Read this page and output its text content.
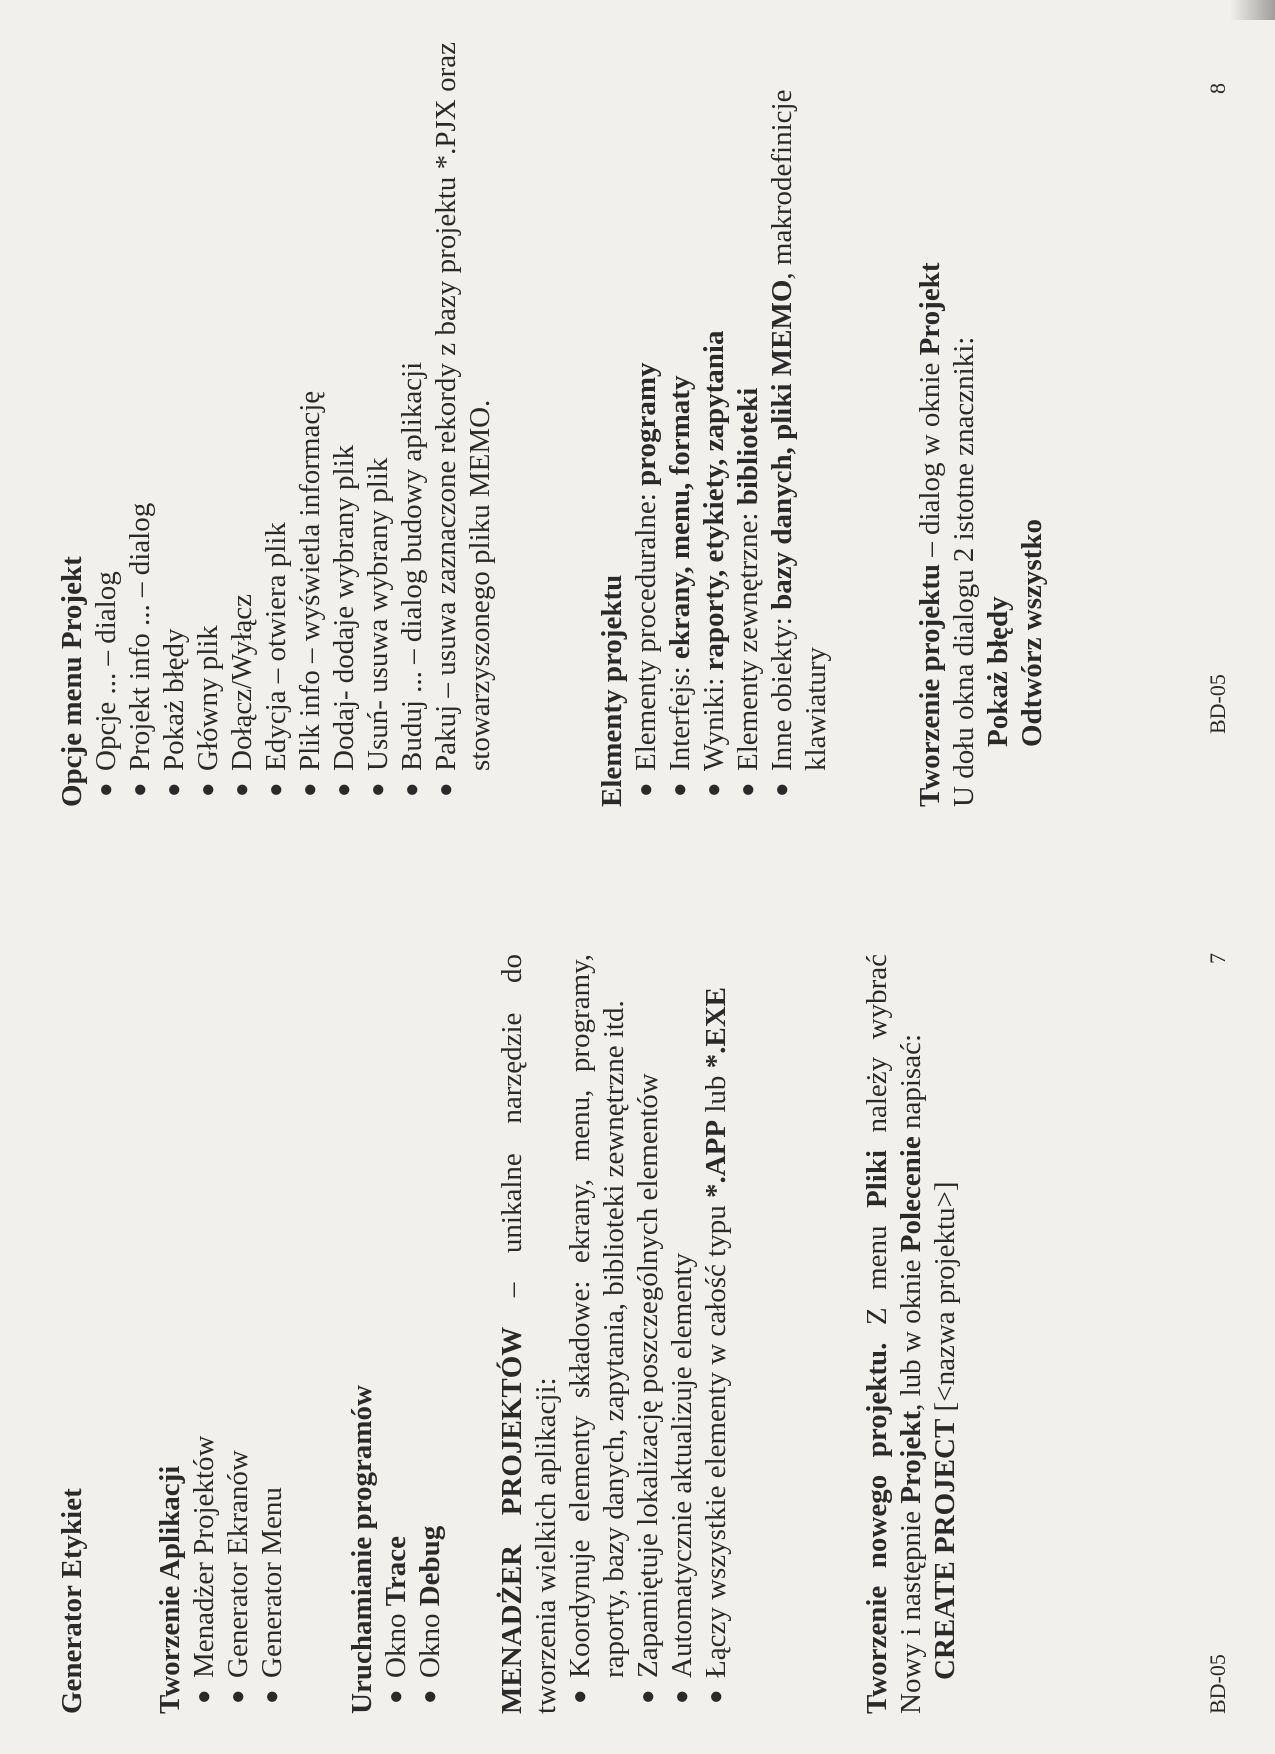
Generator Etykiet Tworzenie Aplikacji ●
Menadżer Projektów
●
Generator Ekranów
●
Generator Menu Uruchamianie programów ●
Okno Trace
●
Okno Debug MENADŻER PROJEKTÓW – unikalne narzędzie do tworzenia wielkich aplikacji: ●
Koordynuje elementy składowe: ekrany, menu, programy, raporty, bazy danych, zapytania, biblioteki zewnętrzne itd.
●
Zapamiętuje lokalizację poszczególnych elementów
●
Automatycznie aktualizuje elementy
●
Łączy wszystkie elementy w całość typu *.APP lub *.EXE

Tworzenie nowego projektu. Z menu Pliki należy wybrać Nowy i następnie Projekt, lub w oknie Polecenie napisać:

CREATE PROJECT [<nazwa projektu>]

BD-05
7

Opcje menu Projekt ●
Opcje ... – dialog
●
Projekt info ... – dialog
●
Pokaż błędy
●
Główny plik
●
Dołącz/Wyłącz
●
Edycja – otwiera plik
●
Plik info – wyświetla informację
●
Dodaj- dodaje wybrany plik
●
Usuń- usuwa wybrany plik
●
Buduj ... – dialog budowy aplikacji
●
Pakuj – usuwa zaznaczone rekordy z bazy projektu *.PJX oraz stowarzyszonego pliku MEMO.	Elementy projektu ●
Elementy proceduralne: programy
●
Interfejs: ekrany, menu, formaty
●
Wyniki: raporty, etykiety, zapytania
●
Elementy zewnętrzne: biblioteki
●
Inne obiekty: bazy danych, pliki MEMO, makrodefinicje klawiatury	Tworzenie projektu – dialog w oknie Projekt

U dołu okna dialogu 2 istotne znaczniki: Pokaż błędy Odtwórz wszystko	BD-05
8
